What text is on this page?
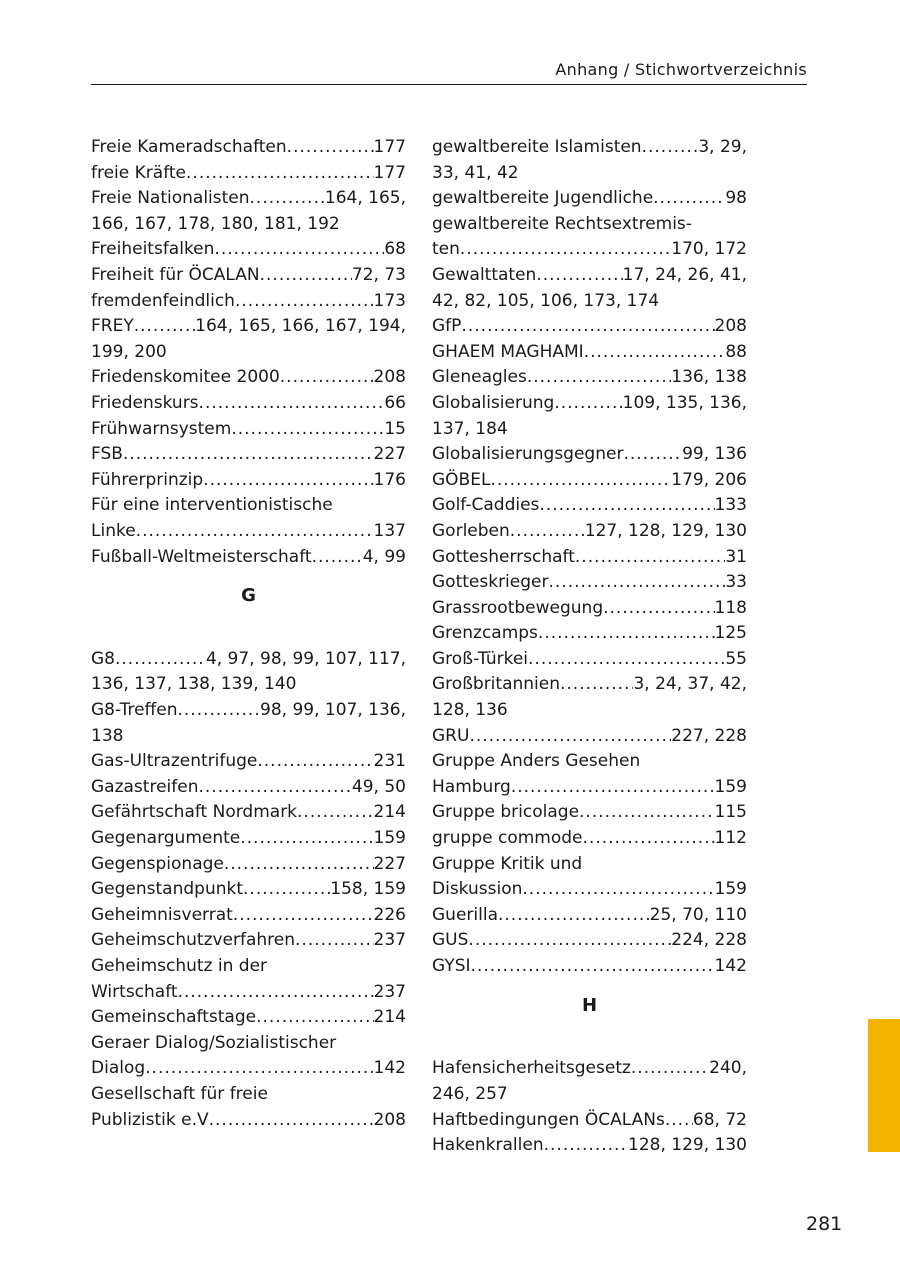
Anhang / Stichwortverzeichnis
Freie Kameradschaften .....	177
freie Kräfte .....	177
Freie Nationalisten .....	164, 165,
166, 167, 178, 180, 181, 192
Freiheitsfalken .....	68
Freiheit für ÖCALAN .....	72, 73
fremdenfeindlich .....	173
FREY .....	164, 165, 166, 167, 194,
199, 200
Friedenskomitee 2000 .....	208
Friedenskurs .....	66
Frühwarnsystem .....	15
FSB .....	227
Führerprinzip .....	176
Für eine interventionistische
Linke .....	137
Fußball-Weltmeisterschaft .....	4, 99
G
G8 .....	4, 97, 98, 99, 107, 117,
136, 137, 138, 139, 140
G8-Treffen .....	98, 99, 107, 136,
138
Gas-Ultrazentrifuge .....	231
Gazastreifen .....	49, 50
Gefährtschaft Nordmark .....	214
Gegenargumente .....	159
Gegenspionage .....	227
Gegenstandpunkt .....	158, 159
Geheimnisverrat .....	226
Geheimschutzverfahren .....	237
Geheimschutz in der
Wirtschaft .....	237
Gemeinschaftstage .....	214
Geraer Dialog/Sozialistischer
Dialog .....	142
Gesellschaft für freie
Publizistik e.V .....	208
gewaltbereite Islamisten .....	3, 29,
33, 41, 42
gewaltbereite Jugendliche .....	98
gewaltbereite Rechtsextremis-
ten .....	170, 172
Gewalttaten .....	17, 24, 26, 41,
42, 82, 105, 106, 173, 174
GfP .....	208
GHAEM MAGHAMI .....	88
Gleneagles .....	136, 138
Globalisierung .....	109, 135, 136,
137, 184
Globalisierungsgegner .....	99, 136
GÖBEL .....	179, 206
Golf-Caddies .....	133
Gorleben .....	127, 128, 129, 130
Gottesherrschaft .....	31
Gotteskrieger .....	33
Grassrootbewegung .....	118
Grenzcamps .....	125
Groß-Türkei .....	55
Großbritannien .....	3, 24, 37, 42,
128, 136
GRU .....	227, 228
Gruppe Anders Gesehen
Hamburg .....	159
Gruppe bricolage .....	115
gruppe commode .....	112
Gruppe Kritik und
Diskussion .....	159
Guerilla .....	25, 70, 110
GUS .....	224, 228
GYSI .....	142
H
Hafensicherheitsgesetz .....	240,
246, 257
Haftbedingungen ÖCALANs ..... 68, 72
Hakenkrallen .....	128, 129, 130
281
